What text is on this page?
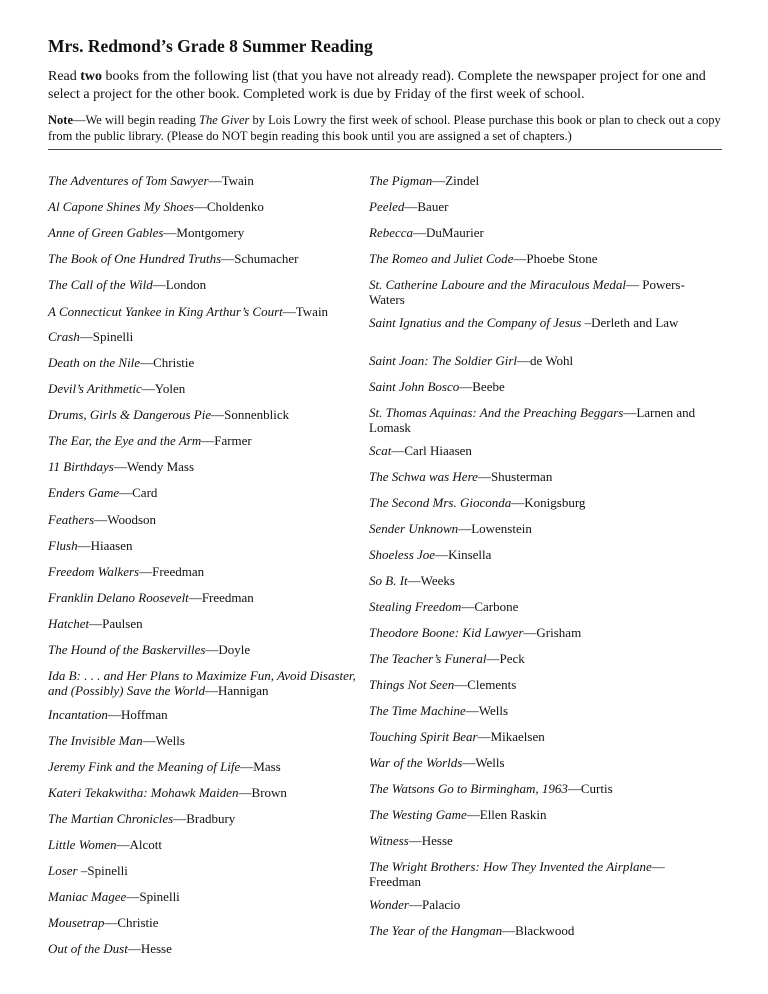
Mrs. Redmond’s Grade 8 Summer Reading

Read two books from the following list (that you have not already read). Complete the newspaper project for one and select a project for the other book. Completed work is due by Friday of the first week of school.

Note—We will begin reading The Giver by Lois Lowry the first week of school. Please purchase this book or plan to check out a copy from the public library. (Please do NOT begin reading this book until you are assigned a set of chapters.)

The Adventures of Tom Sawyer—Twain
Al Capone Shines My Shoes—Choldenko
Anne of Green Gables—Montgomery
The Book of One Hundred Truths—Schumacher
The Call of the Wild—London
A Connecticut Yankee in King Arthur’s Court—Twain
Crash—Spinelli
Death on the Nile—Christie
Devil’s Arithmetic—Yolen
Drums, Girls & Dangerous Pie—Sonnenblick
The Ear, the Eye and the Arm—Farmer
11 Birthdays—Wendy Mass
Enders Game—Card
Feathers—Woodson
Flush—Hiaasen
Freedom Walkers—Freedman
Franklin Delano Roosevelt—Freedman
Hatchet—Paulsen
The Hound of the Baskervilles—Doyle
Ida B: . . . and Her Plans to Maximize Fun, Avoid Disaster, and (Possibly) Save the World—Hannigan
Incantation—Hoffman
The Invisible Man—Wells
Jeremy Fink and the Meaning of Life—Mass
Kateri Tekakwitha: Mohawk Maiden—Brown
The Martian Chronicles—Bradbury
Little Women—Alcott
Loser –Spinelli
Maniac Magee—Spinelli
Mousetrap—Christie
Out of the Dust—Hesse
The Pigman—Zindel
Peeled—Bauer
Rebecca—DuMaurier
The Romeo and Juliet Code—Phoebe Stone
St. Catherine Laboure and the Miraculous Medal— Powers-Waters
Saint Ignatius and the Company of Jesus –Derleth and Law
Saint Joan: The Soldier Girl—de Wohl
Saint John Bosco—Beebe
St. Thomas Aquinas: And the Preaching Beggars—Larnen and Lomask
Scat—Carl Hiaasen
The Schwa was Here—Shusterman
The Second Mrs. Gioconda—Konigsburg
Sender Unknown—Lowenstein
Shoeless Joe—Kinsella
So B. It—Weeks
Stealing Freedom—Carbone
Theodore Boone: Kid Lawyer—Grisham
The Teacher’s Funeral—Peck
Things Not Seen—Clements
The Time Machine—Wells
Touching Spirit Bear—Mikaelsen
War of the Worlds—Wells
The Watsons Go to Birmingham, 1963—Curtis
The Westing Game—Ellen Raskin
Witness—Hesse
The Wright Brothers: How They Invented the Airplane— Freedman
Wonder—Palacio
The Year of the Hangman—Blackwood
